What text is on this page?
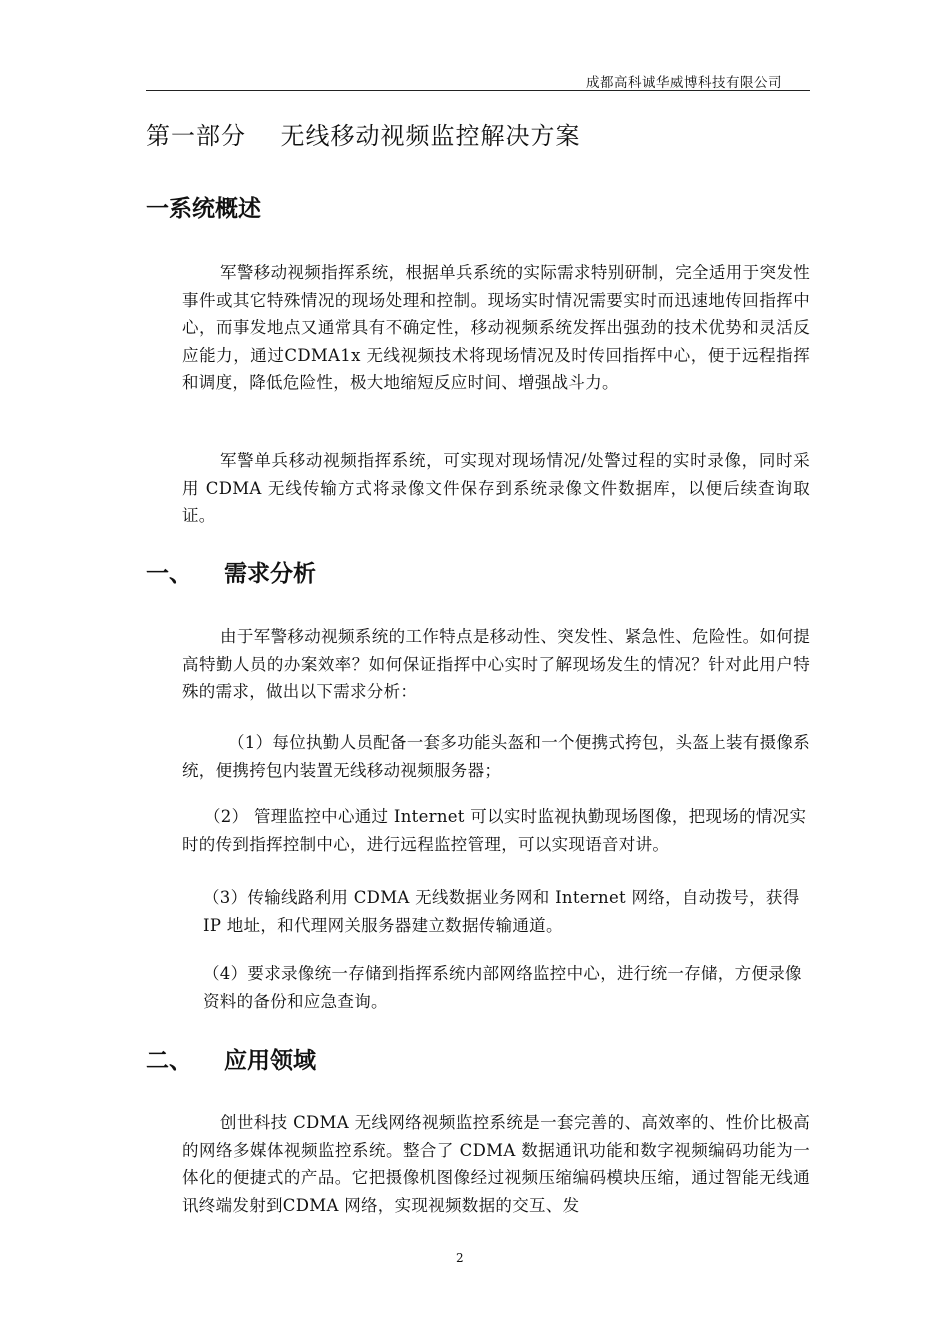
成都高科诚华威博科技有限公司
第一部分    无线移动视频监控解决方案
一系统概述
军警移动视频指挥系统，根据单兵系统的实际需求特别研制，完全适用于突发性事件或其它特殊情况的现场处理和控制。现场实时情况需要实时而迅速地传回指挥中心，而事发地点又通常具有不确定性，移动视频系统发挥出强劲的技术优势和灵活反应能力，通过CDMA1x 无线视频技术将现场情况及时传回指挥中心，便于远程指挥和调度，降低危险性，极大地缩短反应时间、增强战斗力。
军警单兵移动视频指挥系统，可实现对现场情况/处警过程的实时录像，同时采用 CDMA 无线传输方式将录像文件保存到系统录像文件数据库，以便后续查询取证。
一、    需求分析
由于军警移动视频系统的工作特点是移动性、突发性、紧急性、危险性。如何提高特勤人员的办案效率？如何保证指挥中心实时了解现场发生的情况？针对此用户特殊的需求，做出以下需求分析：
（1）每位执勤人员配备一套多功能头盔和一个便携式挎包，头盔上装有摄像系统，便携挎包内装置无线移动视频服务器；
（2） 管理监控中心通过 Internet 可以实时监视执勤现场图像，把现场的情况实时的传到指挥控制中心，进行远程监控管理，可以实现语音对讲。
（3）传输线路利用 CDMA 无线数据业务网和 Internet 网络，自动拨号，获得 IP 地址，和代理网关服务器建立数据传输通道。
（4）要求录像统一存储到指挥系统内部网络监控中心，进行统一存储，方便录像资料的备份和应急查询。
二、    应用领域
创世科技 CDMA 无线网络视频监控系统是一套完善的、高效率的、性价比极高的网络多媒体视频监控系统。整合了 CDMA 数据通讯功能和数字视频编码功能为一体化的便捷式的产品。它把摄像机图像经过视频压缩编码模块压缩，通过智能无线通讯终端发射到CDMA 网络，实现视频数据的交互、发
2
